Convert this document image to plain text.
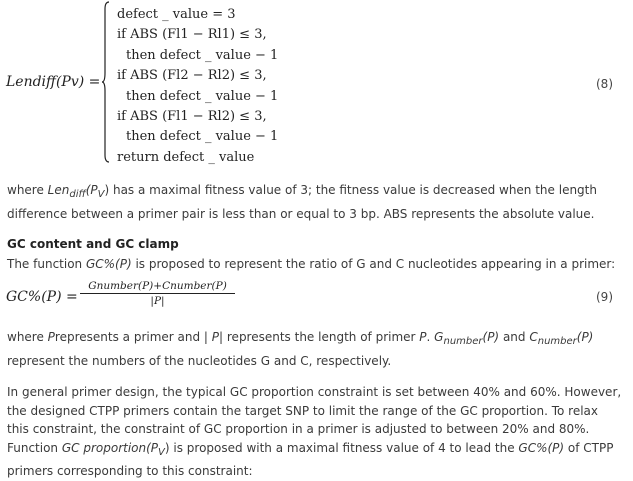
Lendiff(Pv) =
defect _ value = 3
if ABS (Fl1 − Rl1) ≤ 3,
then defect _ value − 1
if ABS (Fl2 − Rl2) ≤ 3,
then defect _ value − 1
if ABS (Fl1 − Rl2) ≤ 3,
then defect _ value − 1
return defect _ value
(8)
where $Len_{diff}(P_V)$ has a maximal fitness value of 3; the fitness value is decreased when the length difference between a primer pair is less than or equal to 3 bp. ABS represents the absolute value.
GC content and GC clamp
The function GC%(P) is proposed to represent the ratio of G and C nucleotides appearing in a primer:
GC%(P) =
Gnumber(P)+Cnumber(P)
|P|	(9)
where Prepresents a primer and | P| represents the length of primer P. $G_{number}(P)$ and $C_{number}(P)$ represent the numbers of the nucleotides G and C, respectively.
In general primer design, the typical GC proportion constraint is set between 40% and 60%. However, the designed CTPP primers contain the target SNP to limit the range of the GC proportion. To relax this constraint, the constraint of GC proportion in a primer is adjusted to between 20% and 80%. Function GC $proportion(P_V)$ is proposed with a maximal fitness value of 4 to lead the GC%(P) of CTPP primers corresponding to this constraint:
